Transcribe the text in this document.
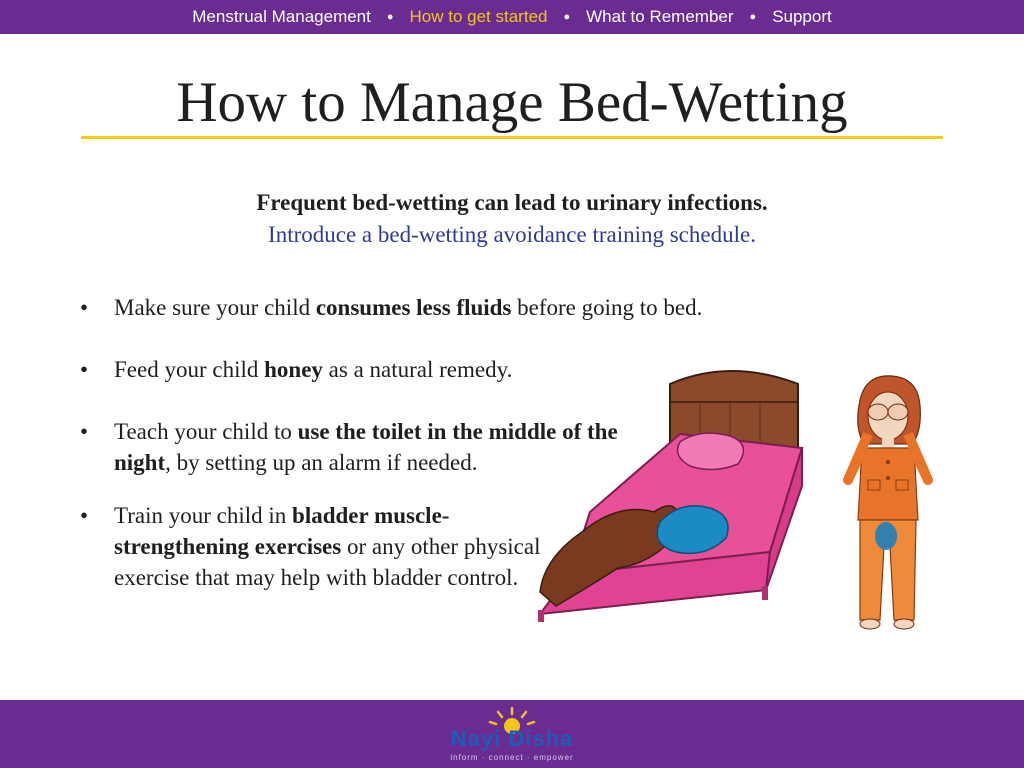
Menstrual Management	● How to get started	● What to Remember	● Support
How to Manage Bed-Wetting
Frequent bed-wetting can lead to urinary infections.
Introduce a bed-wetting avoidance training schedule.
• Make sure your child consumes less fluids before going to bed.
• Feed your child honey as a natural remedy.
• Teach your child to use the toilet in the middle of the night, by setting up an alarm if needed.
• Train your child in bladder muscle-strengthening exercises or any other physical exercise that may help with bladder control.
Nayi Disha
inform · connect · empower
